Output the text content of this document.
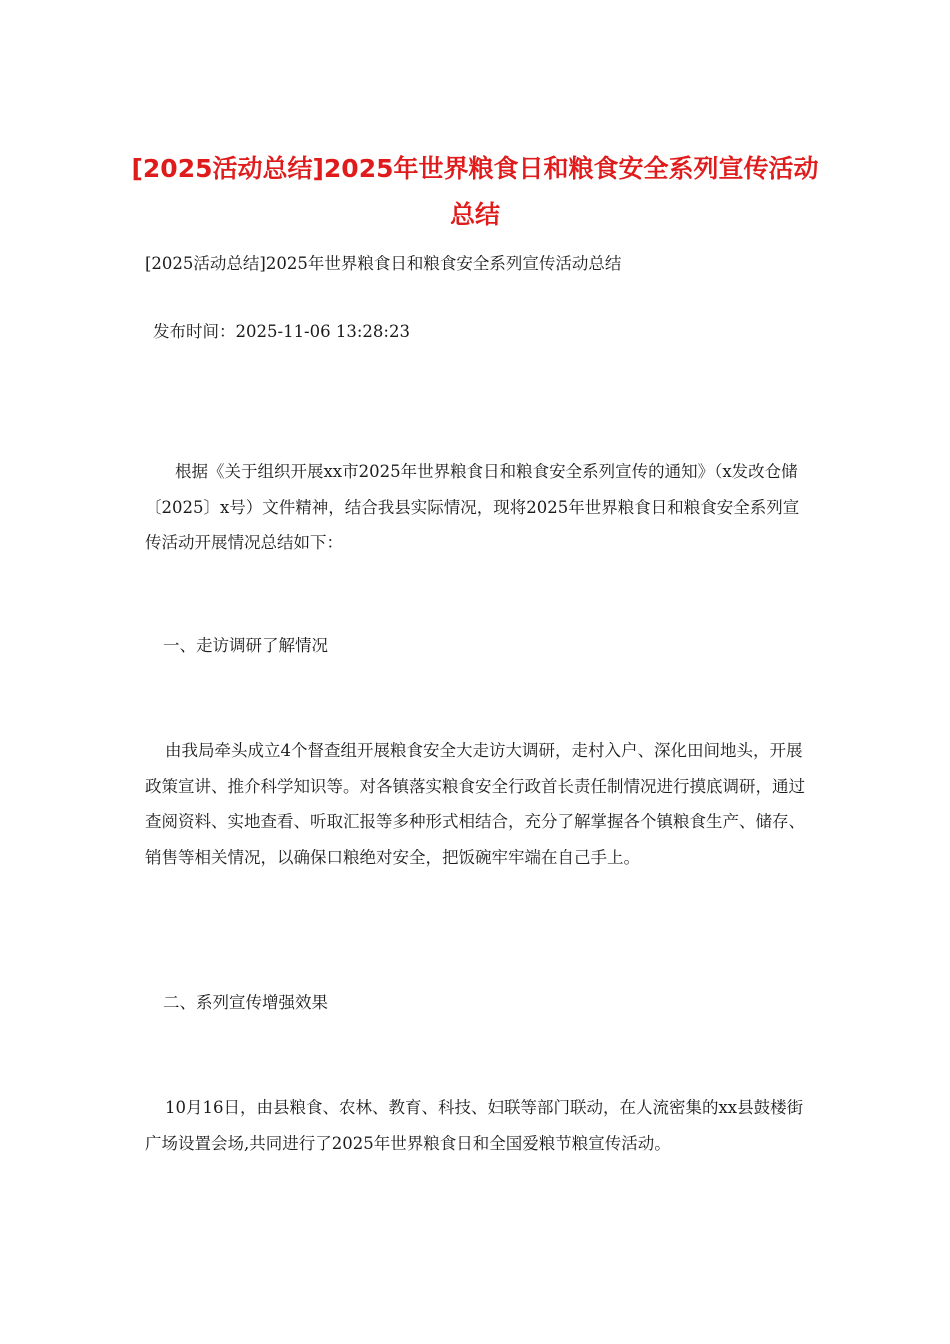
[2025活动总结]2025年世界粮食日和粮食安全系列宣传活动总结

[2025活动总结]2025年世界粮食日和粮食安全系列宣传活动总结

发布时间：2025-11-06 13:28:23

根据《关于组织开展xx市2025年世界粮食日和粮食安全系列宣传的通知》（x发改仓储〔2025〕x号）文件精神，结合我县实际情况，现将2025年世界粮食日和粮食安全系列宣传活动开展情况总结如下：

一、走访调研了解情况

由我局牵头成立4个督查组开展粮食安全大走访大调研，走村入户、深化田间地头，开展政策宣讲、推介科学知识等。对各镇落实粮食安全行政首长责任制情况进行摸底调研，通过查阅资料、实地查看、听取汇报等多种形式相结合，充分了解掌握各个镇粮食生产、储存、销售等相关情况，以确保口粮绝对安全，把饭碗牢牢端在自己手上。

二、系列宣传增强效果

10月16日，由县粮食、农林、教育、科技、妇联等部门联动，在人流密集的xx县鼓楼街广场设置会场,共同进行了2025年世界粮食日和全国爱粮节粮宣传活动。
